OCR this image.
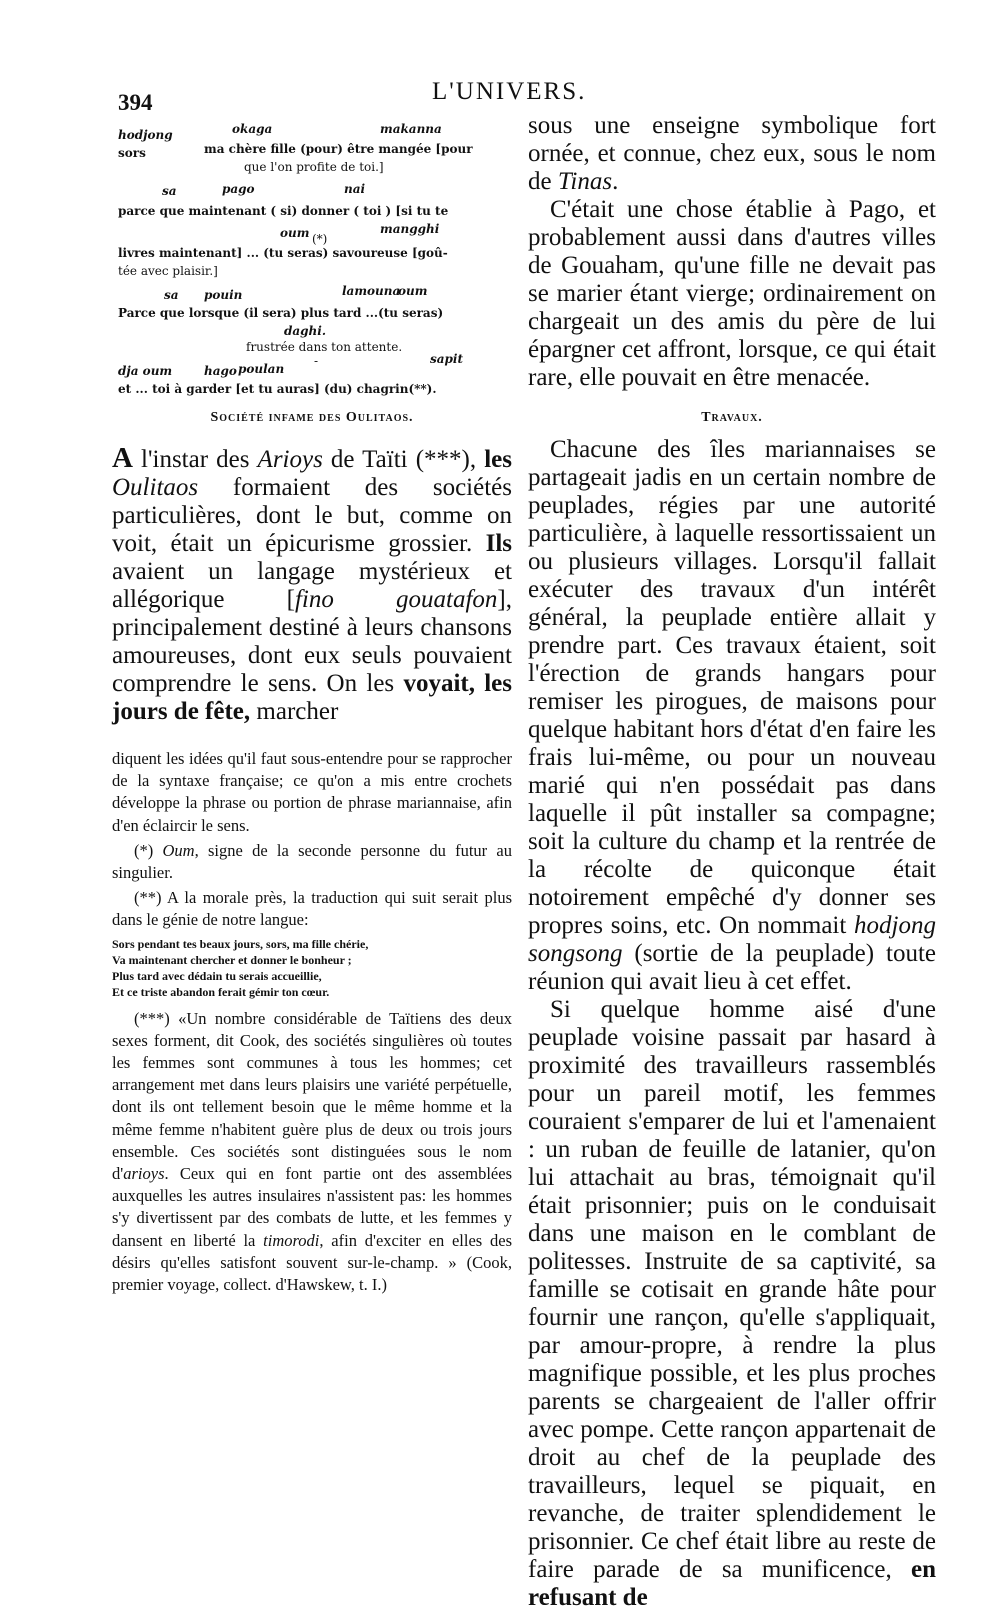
394	L'UNIVERS.
hodjong	okaga	makanna
sors	ma chère fille (pour) être mangée [pour
que l'on profite de toi.]
sa	pago	nai
parce que maintenant ( si) donner ( toi ) [si tu te
oum (*)
mangghi
livres maintenant] ... (tu seras) savoureuse [goû-
tée avec plaisir.]
sa pouin	lamouna
oum
Parce que lorsque (il sera) plus tard ...(tu seras)
daghi.
frustrée dans ton attente.
dja oum	hago poulan
-	sapit
et ... toi à garder [et tu auras] (du) chagrin(**).
Société infame des Oulitaos.

A l'instar des Arioys de Taïti (***), les Oulitaos formaient des sociétés particulières, dont le but, comme on voit, était un épicurisme grossier. Ils avaient un langage mystérieux et allégorique [fino gouatafon], principalement destiné à leurs chansons amoureuses, dont eux seuls pouvaient comprendre le sens. On les voyait, les jours de fête, marcher

diquent les idées qu'il faut sous-entendre pour se rapprocher de la syntaxe française; ce qu'on a mis entre crochets développe la phrase ou portion de phrase mariannaise, afin d'en éclaircir le sens.

(*) Oum, signe de la seconde personne du futur au singulier.

(**) A la morale près, la traduction qui suit serait plus dans le génie de notre langue:

Sors pendant tes beaux jours, sors, ma fille chérie,
Va maintenant chercher et donner le bonheur ;
Plus tard avec dédain tu serais accueillie,
Et ce triste abandon ferait gémir ton cœur.

(***) «Un nombre considérable de Taïtiens des deux sexes forment, dit Cook, des sociétés singulières où toutes les femmes sont communes à tous les hommes; cet arrangement met dans leurs plaisirs une variété perpétuelle, dont ils ont tellement besoin que le même homme et la même femme n'habitent guère plus de deux ou trois jours ensemble. Ces sociétés sont distinguées sous le nom d'arioys. Ceux qui en font partie ont des assemblées auxquelles les autres insulaires n'assistent pas: les hommes s'y divertissent par des combats de lutte, et les femmes y dansent en liberté la timorodi, afin d'exciter en elles des désirs qu'elles satisfont souvent sur-le-champ. » (Cook, premier voyage, collect. d'Hawskew, t. I.)

sous une enseigne symbolique fort ornée, et connue, chez eux, sous le nom de Tinas.

C'était une chose établie à Pago, et probablement aussi dans d'autres villes de Gouaham, qu'une fille ne devait pas se marier étant vierge; ordinairement on chargeait un des amis du père de lui épargner cet affront, lorsque, ce qui était rare, elle pouvait en être menacée.

Travaux.

Chacune des îles mariannaises se partageait jadis en un certain nombre de peuplades, régies par une autorité particulière, à laquelle ressortissaient un ou plusieurs villages. Lorsqu'il fallait exécuter des travaux d'un intérêt général, la peuplade entière allait y prendre part. Ces travaux étaient, soit l'érection de grands hangars pour remiser les pirogues, de maisons pour quelque habitant hors d'état d'en faire les frais lui-même, ou pour un nouveau marié qui n'en possédait pas dans laquelle il pût installer sa compagne; soit la culture du champ et la rentrée de la récolte de quiconque était notoirement empêché d'y donner ses propres soins, etc. On nommait hodjong songsong (sortie de la peuplade) toute réunion qui avait lieu à cet effet.

Si quelque homme aisé d'une peuplade voisine passait par hasard à proximité des travailleurs rassemblés pour un pareil motif, les femmes couraient s'emparer de lui et l'amenaient : un ruban de feuille de latanier, qu'on lui attachait au bras, témoignait qu'il était prisonnier; puis on le conduisait dans une maison en le comblant de politesses. Instruite de sa captivité, sa famille se cotisait en grande hâte pour fournir une rançon, qu'elle s'appliquait, par amour-propre, à rendre la plus magnifique possible, et les plus proches parents se chargeaient de l'aller offrir avec pompe. Cette rançon appartenait de droit au chef de la peuplade des travailleurs, lequel se piquait, en revanche, de traiter splendidement le prisonnier. Ce chef était libre au reste de faire parade de sa munificence, en refusant de
